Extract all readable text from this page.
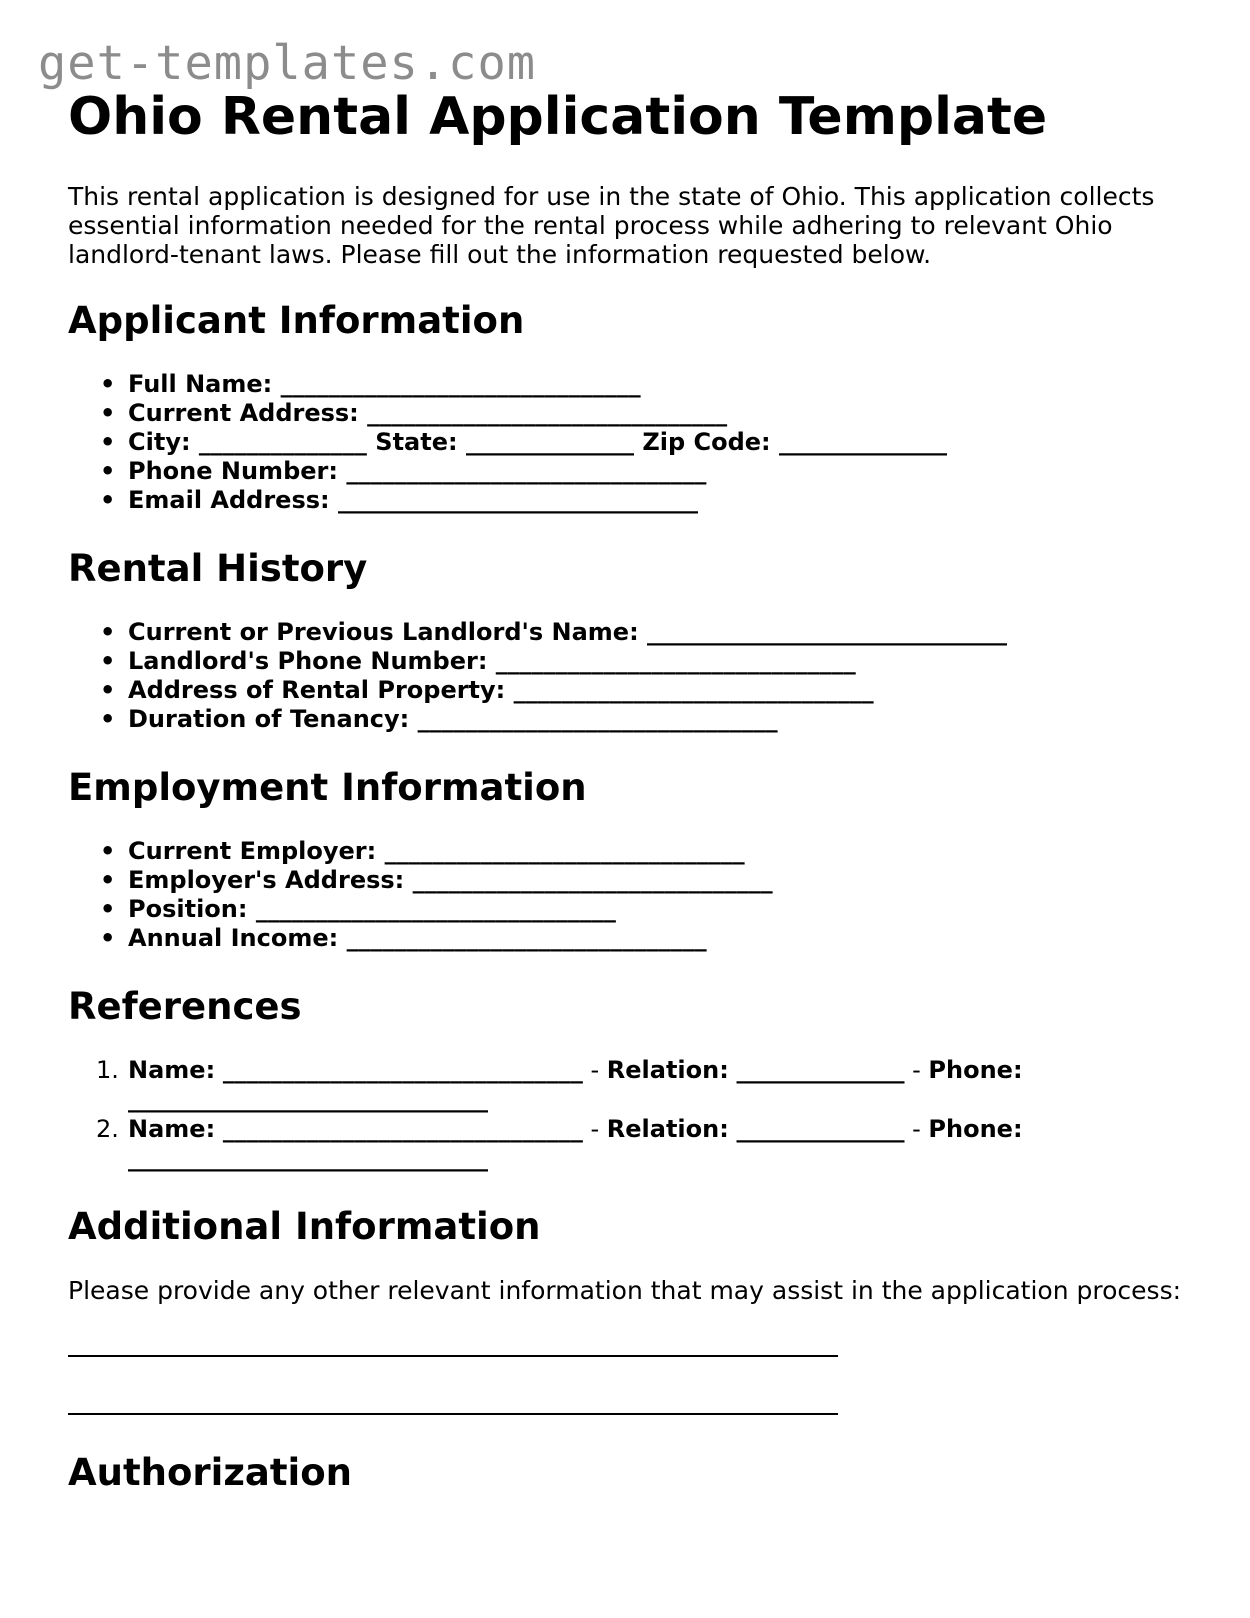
get-templates.com
Ohio Rental Application Template

This rental application is designed for use in the state of Ohio. This application collects essential information needed for the rental process while adhering to relevant Ohio landlord-tenant laws. Please fill out the information requested below.

Applicant Information
• Full Name: ______________________________
• Current Address: ______________________________
• City: ______________ State: ______________ Zip Code: ______________
• Phone Number: ______________________________
• Email Address: ______________________________
Rental History
• Current or Previous Landlord's Name: ______________________________
• Landlord's Phone Number: ______________________________
• Address of Rental Property: ______________________________
• Duration of Tenancy: ______________________________
Employment Information
• Current Employer: ______________________________
• Employer's Address: ______________________________
• Position: ______________________________
• Annual Income: ______________________________
References
1. Name: ______________________________ - Relation: ______________ - Phone: ______________________________
2. Name: ______________________________ - Relation: ______________ - Phone: ______________________________
Additional Information

Please provide any other relevant information that may assist in the application process:

Authorization
